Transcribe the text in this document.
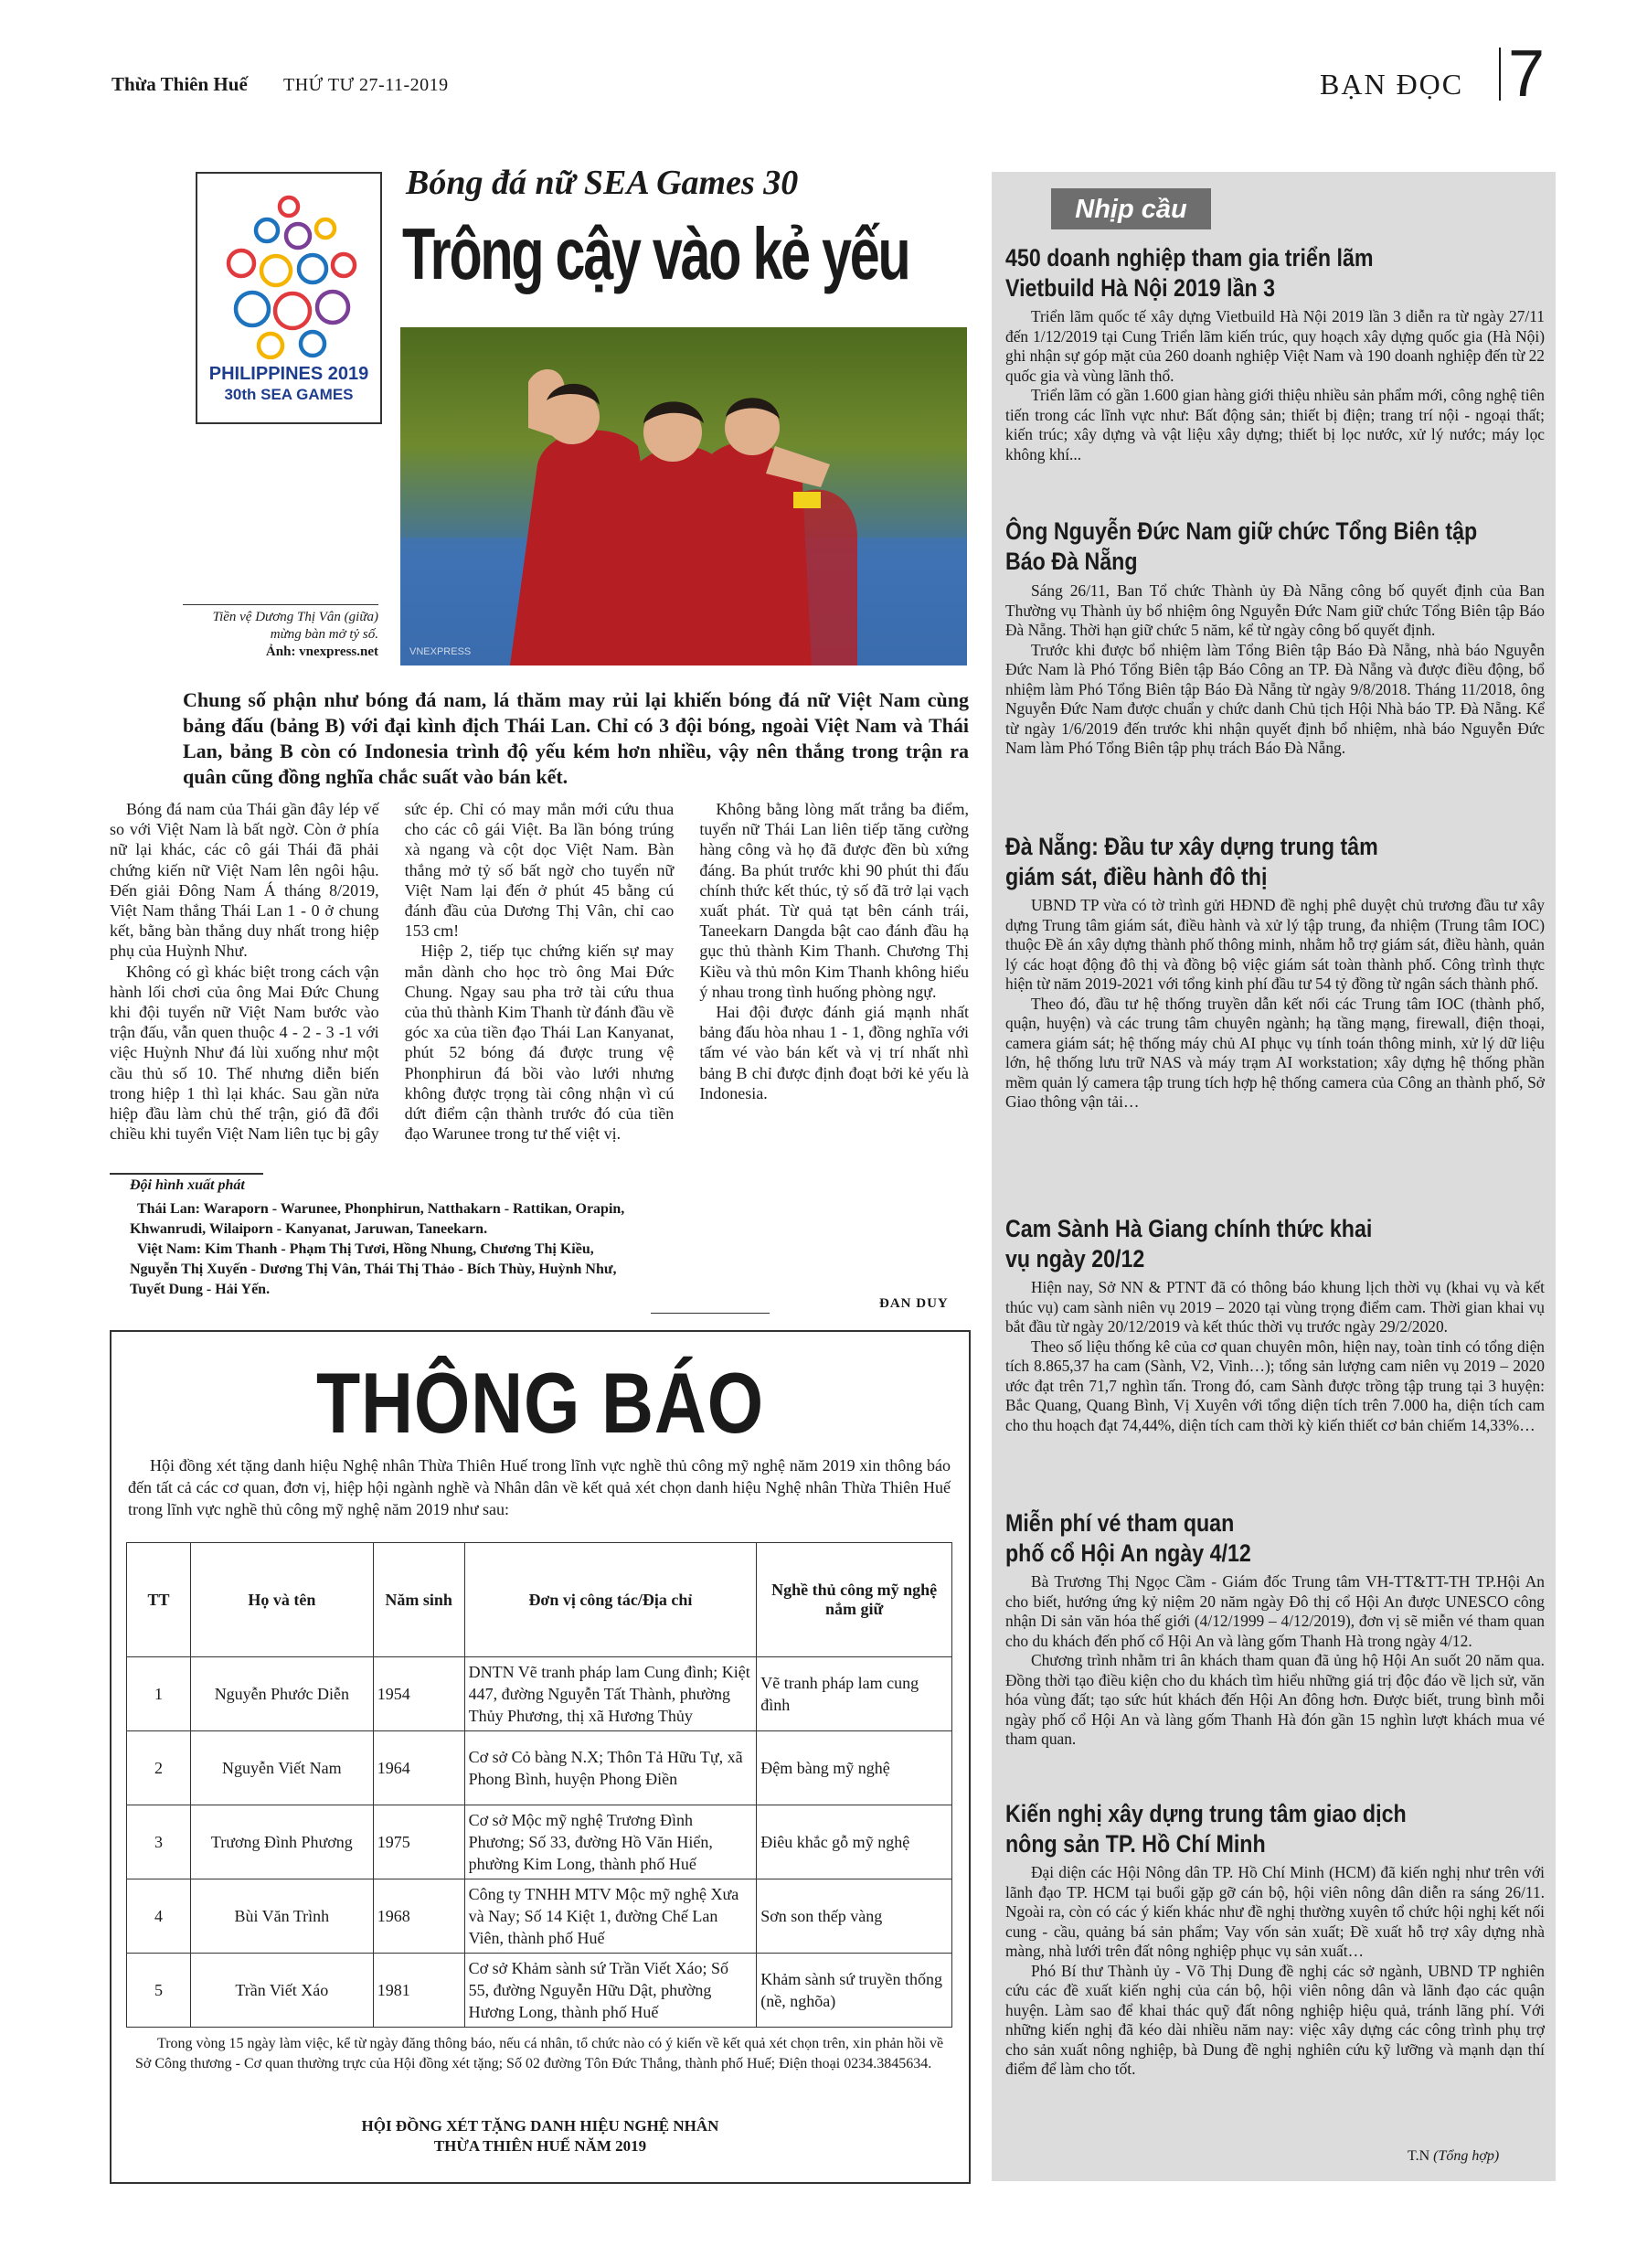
Thừa Thiên Huế THỨ TƯ 27-11-2019	BẠN ĐỌC 7
PHILIPPINES 2019
30th SEA GAMES
Bóng đá nữ SEA Games 30
Trông cậy vào kẻ yếu
VNEXPRESS
Tiền vệ Dương Thị Vân (giữa) mừng bàn mở tỷ số.
Ảnh: vnexpress.net
Chung số phận như bóng đá nam, lá thăm may rủi lại khiến bóng đá nữ Việt Nam cùng bảng đấu (bảng B) với đại kình địch Thái Lan. Chỉ có 3 đội bóng, ngoài Việt Nam và Thái Lan, bảng B còn có Indonesia trình độ yếu kém hơn nhiều, vậy nên thắng trong trận ra quân cũng đồng nghĩa chắc suất vào bán kết.

Bóng đá nam của Thái gần đây lép vế so với Việt Nam là bất ngờ. Còn ở phía nữ lại khác, các cô gái Thái đã phải chứng kiến nữ Việt Nam lên ngôi hậu. Đến giải Đông Nam Á tháng 8/2019, Việt Nam thắng Thái Lan 1 - 0 ở chung kết, bằng bàn thắng duy nhất trong hiệp phụ của Huỳnh Như.

Không có gì khác biệt trong cách vận hành lối chơi của ông Mai Đức Chung khi đội tuyển nữ Việt Nam bước vào trận đấu, vẫn quen thuộc 4 - 2 - 3 -1 với việc Huỳnh Như đá lùi xuống như một cầu thủ số 10. Thế nhưng diễn biến trong hiệp 1 thì lại khác. Sau gần nửa hiệp đầu làm chủ thế trận, gió đã đổi chiều khi tuyển Việt Nam liên tục bị gây sức ép. Chỉ có may mắn mới cứu thua cho các cô gái Việt. Ba lần bóng trúng xà ngang và cột dọc Việt Nam. Bàn thắng mở tỷ số bất ngờ cho tuyển nữ Việt Nam lại đến ở phút 45 bằng cú đánh đầu của Dương Thị Vân, chỉ cao 153 cm!

Hiệp 2, tiếp tục chứng kiến sự may mắn dành cho học trò ông Mai Đức Chung. Ngay sau pha trở tài cứu thua của thủ thành Kim Thanh từ đánh đầu về góc xa của tiền đạo Thái Lan Kanyanat, phút 52 bóng đá được trung vệ Phonphirun đá bồi vào lưới nhưng không được trọng tài công nhận vì cú dứt điểm cận thành trước đó của tiền đạo Warunee trong tư thế việt vị.

Không bằng lòng mất trắng ba điểm, tuyển nữ Thái Lan liên tiếp tăng cường hàng công và họ đã được đền bù xứng đáng. Ba phút trước khi 90 phút thi đấu chính thức kết thúc, tỷ số đã trở lại vạch xuất phát. Từ quả tạt bên cánh trái, Taneekarn Dangda bật cao đánh đầu hạ gục thủ thành Kim Thanh. Chương Thị Kiều và thủ môn Kim Thanh không hiểu ý nhau trong tình huống phòng ngự.

Hai đội được đánh giá mạnh nhất bảng đấu hòa nhau 1 - 1, đồng nghĩa với tấm vé vào bán kết và vị trí nhất nhì bảng B chỉ được định đoạt bởi kẻ yếu là Indonesia.

Đội hình xuất phát

Thái Lan: Waraporn - Warunee, Phonphirun, Natthakarn - Rattikan, Orapin, Khwanrudi, Wilaiporn - Kanyanat, Jaruwan, Taneekarn.

Việt Nam: Kim Thanh - Phạm Thị Tươi, Hồng Nhung, Chương Thị Kiều, Nguyễn Thị Xuyến - Dương Thị Vân, Thái Thị Thảo - Bích Thùy, Huỳnh Như, Tuyết Dung - Hải Yến.

ĐAN DUY
THÔNG BÁO
Hội đồng xét tặng danh hiệu Nghệ nhân Thừa Thiên Huế trong lĩnh vực nghề thủ công mỹ nghệ năm 2019 xin thông báo đến tất cả các cơ quan, đơn vị, hiệp hội ngành nghề và Nhân dân về kết quả xét chọn danh hiệu Nghệ nhân Thừa Thiên Huế trong lĩnh vực nghề thủ công mỹ nghệ năm 2019 như sau:
TT	Họ và tên	Năm sinh	Đơn vị công tác/Địa chỉ	Nghề thủ công mỹ nghệ nắm giữ
1	Nguyễn Phước Diễn	1954	DNTN Vẽ tranh pháp lam Cung đình; Kiệt 447, đường Nguyễn Tất Thành, phường Thủy Phương, thị xã Hương Thủy	Vẽ tranh pháp lam cung đình
2	Nguyễn Viết Nam	1964	Cơ sở Cỏ bàng N.X; Thôn Tả Hữu Tự, xã Phong Bình, huyện Phong Điền	Đệm bàng mỹ nghệ
3	Trương Đình Phương	1975	Cơ sở Mộc mỹ nghệ Trương Đình Phương; Số 33, đường Hồ Văn Hiển, phường Kim Long, thành phố Huế	Điêu khắc gỗ mỹ nghệ
4	Bùi Văn Trình	1968	Công ty TNHH MTV Mộc mỹ nghệ Xưa và Nay; Số 14 Kiệt 1, đường Chế Lan Viên, thành phố Huế	Sơn son thếp vàng
5	Trần Viết Xáo	1981	Cơ sở Khảm sành sứ Trần Viết Xáo; Số 55, đường Nguyễn Hữu Dật, phường Hương Long, thành phố Huế	Khảm sành sứ truyền thống (nề, nghõa)
Trong vòng 15 ngày làm việc, kể từ ngày đăng thông báo, nếu cá nhân, tổ chức nào có ý kiến về kết quả xét chọn trên, xin phản hồi về Sở Công thương - Cơ quan thường trực của Hội đồng xét tặng; Số 02 đường Tôn Đức Thắng, thành phố Huế; Điện thoại 0234.3845634.
HỘI ĐỒNG XÉT TẶNG DANH HIỆU NGHỆ NHÂN
THỪA THIÊN HUẾ NĂM 2019
Nhịp cầu
450 doanh nghiệp tham gia triển lãm
Vietbuild Hà Nội 2019 lần 3

Triển lãm quốc tế xây dựng Vietbuild Hà Nội 2019 lần 3 diễn ra từ ngày 27/11 đến 1/12/2019 tại Cung Triển lãm kiến trúc, quy hoạch xây dựng quốc gia (Hà Nội) ghi nhận sự góp mặt của 260 doanh nghiệp Việt Nam và 190 doanh nghiệp đến từ 22 quốc gia và vùng lãnh thổ.

Triển lãm có gần 1.600 gian hàng giới thiệu nhiều sản phẩm mới, công nghệ tiên tiến trong các lĩnh vực như: Bất động sản; thiết bị điện; trang trí nội - ngoại thất; kiến trúc; xây dựng và vật liệu xây dựng; thiết bị lọc nước, xử lý nước; máy lọc không khí...

Ông Nguyễn Đức Nam giữ chức Tổng Biên tập
Báo Đà Nẵng

Sáng 26/11, Ban Tổ chức Thành ủy Đà Nẵng công bố quyết định của Ban Thường vụ Thành ủy bổ nhiệm ông Nguyễn Đức Nam giữ chức Tổng Biên tập Báo Đà Nẵng. Thời hạn giữ chức 5 năm, kể từ ngày công bố quyết định.

Trước khi được bổ nhiệm làm Tổng Biên tập Báo Đà Nẵng, nhà báo Nguyễn Đức Nam là Phó Tổng Biên tập Báo Công an TP. Đà Nẵng và được điều động, bổ nhiệm làm Phó Tổng Biên tập Báo Đà Nẵng từ ngày 9/8/2018. Tháng 11/2018, ông Nguyễn Đức Nam được chuẩn y chức danh Chủ tịch Hội Nhà báo TP. Đà Nẵng. Kể từ ngày 1/6/2019 đến trước khi nhận quyết định bổ nhiệm, nhà báo Nguyễn Đức Nam làm Phó Tổng Biên tập phụ trách Báo Đà Nẵng.

Đà Nẵng: Đầu tư xây dựng trung tâm
giám sát, điều hành đô thị

UBND TP vừa có tờ trình gửi HĐND đề nghị phê duyệt chủ trương đầu tư xây dựng Trung tâm giám sát, điều hành và xử lý tập trung, đa nhiệm (Trung tâm IOC) thuộc Đề án xây dựng thành phố thông minh, nhằm hỗ trợ giám sát, điều hành, quản lý các hoạt động đô thị và đồng bộ việc giám sát toàn thành phố. Công trình thực hiện từ năm 2019-2021 với tổng kinh phí đầu tư 54 tỷ đồng từ ngân sách thành phố.

Theo đó, đầu tư hệ thống truyền dẫn kết nối các Trung tâm IOC (thành phố, quận, huyện) và các trung tâm chuyên ngành; hạ tầng mạng, firewall, điện thoại, camera giám sát; hệ thống máy chủ AI phục vụ tính toán thông minh, xử lý dữ liệu lớn, hệ thống lưu trữ NAS và máy trạm AI workstation; xây dựng hệ thống phần mềm quản lý camera tập trung tích hợp hệ thống camera của Công an thành phố, Sở Giao thông vận tải…

Cam Sành Hà Giang chính thức khai
vụ ngày 20/12

Hiện nay, Sở NN & PTNT đã có thông báo khung lịch thời vụ (khai vụ và kết thúc vụ) cam sành niên vụ 2019 – 2020 tại vùng trọng điểm cam. Thời gian khai vụ bắt đầu từ ngày 20/12/2019 và kết thúc thời vụ trước ngày 29/2/2020.

Theo số liệu thống kê của cơ quan chuyên môn, hiện nay, toàn tỉnh có tổng diện tích 8.865,37 ha cam (Sành, V2, Vinh…); tổng sản lượng cam niên vụ 2019 – 2020 ước đạt trên 71,7 nghìn tấn. Trong đó, cam Sành được trồng tập trung tại 3 huyện: Bắc Quang, Quang Bình, Vị Xuyên với tổng diện tích trên 7.000 ha, diện tích cam cho thu hoạch đạt 74,44%, diện tích cam thời kỳ kiến thiết cơ bản chiếm 14,33%…

Miễn phí vé tham quan
phố cổ Hội An ngày 4/12

Bà Trương Thị Ngọc Cầm - Giám đốc Trung tâm VH-TT&TT-TH TP.Hội An cho biết, hướng ứng kỷ niệm 20 năm ngày Đô thị cổ Hội An được UNESCO công nhận Di sản văn hóa thế giới (4/12/1999 – 4/12/2019), đơn vị sẽ miễn vé tham quan cho du khách đến phố cổ Hội An và làng gốm Thanh Hà trong ngày 4/12.

Chương trình nhằm tri ân khách tham quan đã ủng hộ Hội An suốt 20 năm qua. Đồng thời tạo điều kiện cho du khách tìm hiểu những giá trị độc đáo về lịch sử, văn hóa vùng đất; tạo sức hút khách đến Hội An đông hơn. Được biết, trung bình mỗi ngày phố cổ Hội An và làng gốm Thanh Hà đón gần 15 nghìn lượt khách mua vé tham quan.

Kiến nghị xây dựng trung tâm giao dịch
nông sản TP. Hồ Chí Minh

Đại diện các Hội Nông dân TP. Hồ Chí Minh (HCM) đã kiến nghị như trên với lãnh đạo TP. HCM tại buổi gặp gỡ cán bộ, hội viên nông dân diễn ra sáng 26/11. Ngoài ra, còn có các ý kiến khác như đề nghị thường xuyên tổ chức hội nghị kết nối cung - cầu, quảng bá sản phẩm; Vay vốn sản xuất; Đề xuất hỗ trợ xây dựng nhà màng, nhà lưới trên đất nông nghiệp phục vụ sản xuất…

Phó Bí thư Thành ủy - Võ Thị Dung đề nghị các sở ngành, UBND TP nghiên cứu các đề xuất kiến nghị của cán bộ, hội viên nông dân và lãnh đạo các quận huyện. Làm sao để khai thác quỹ đất nông nghiệp hiệu quả, tránh lãng phí. Với những kiến nghị đã kéo dài nhiều năm nay: việc xây dựng các công trình phụ trợ cho sản xuất nông nghiệp, bà Dung đề nghị nghiên cứu kỹ lưỡng và mạnh dạn thí điểm để làm cho tốt.

T.N (Tổng hợp)
